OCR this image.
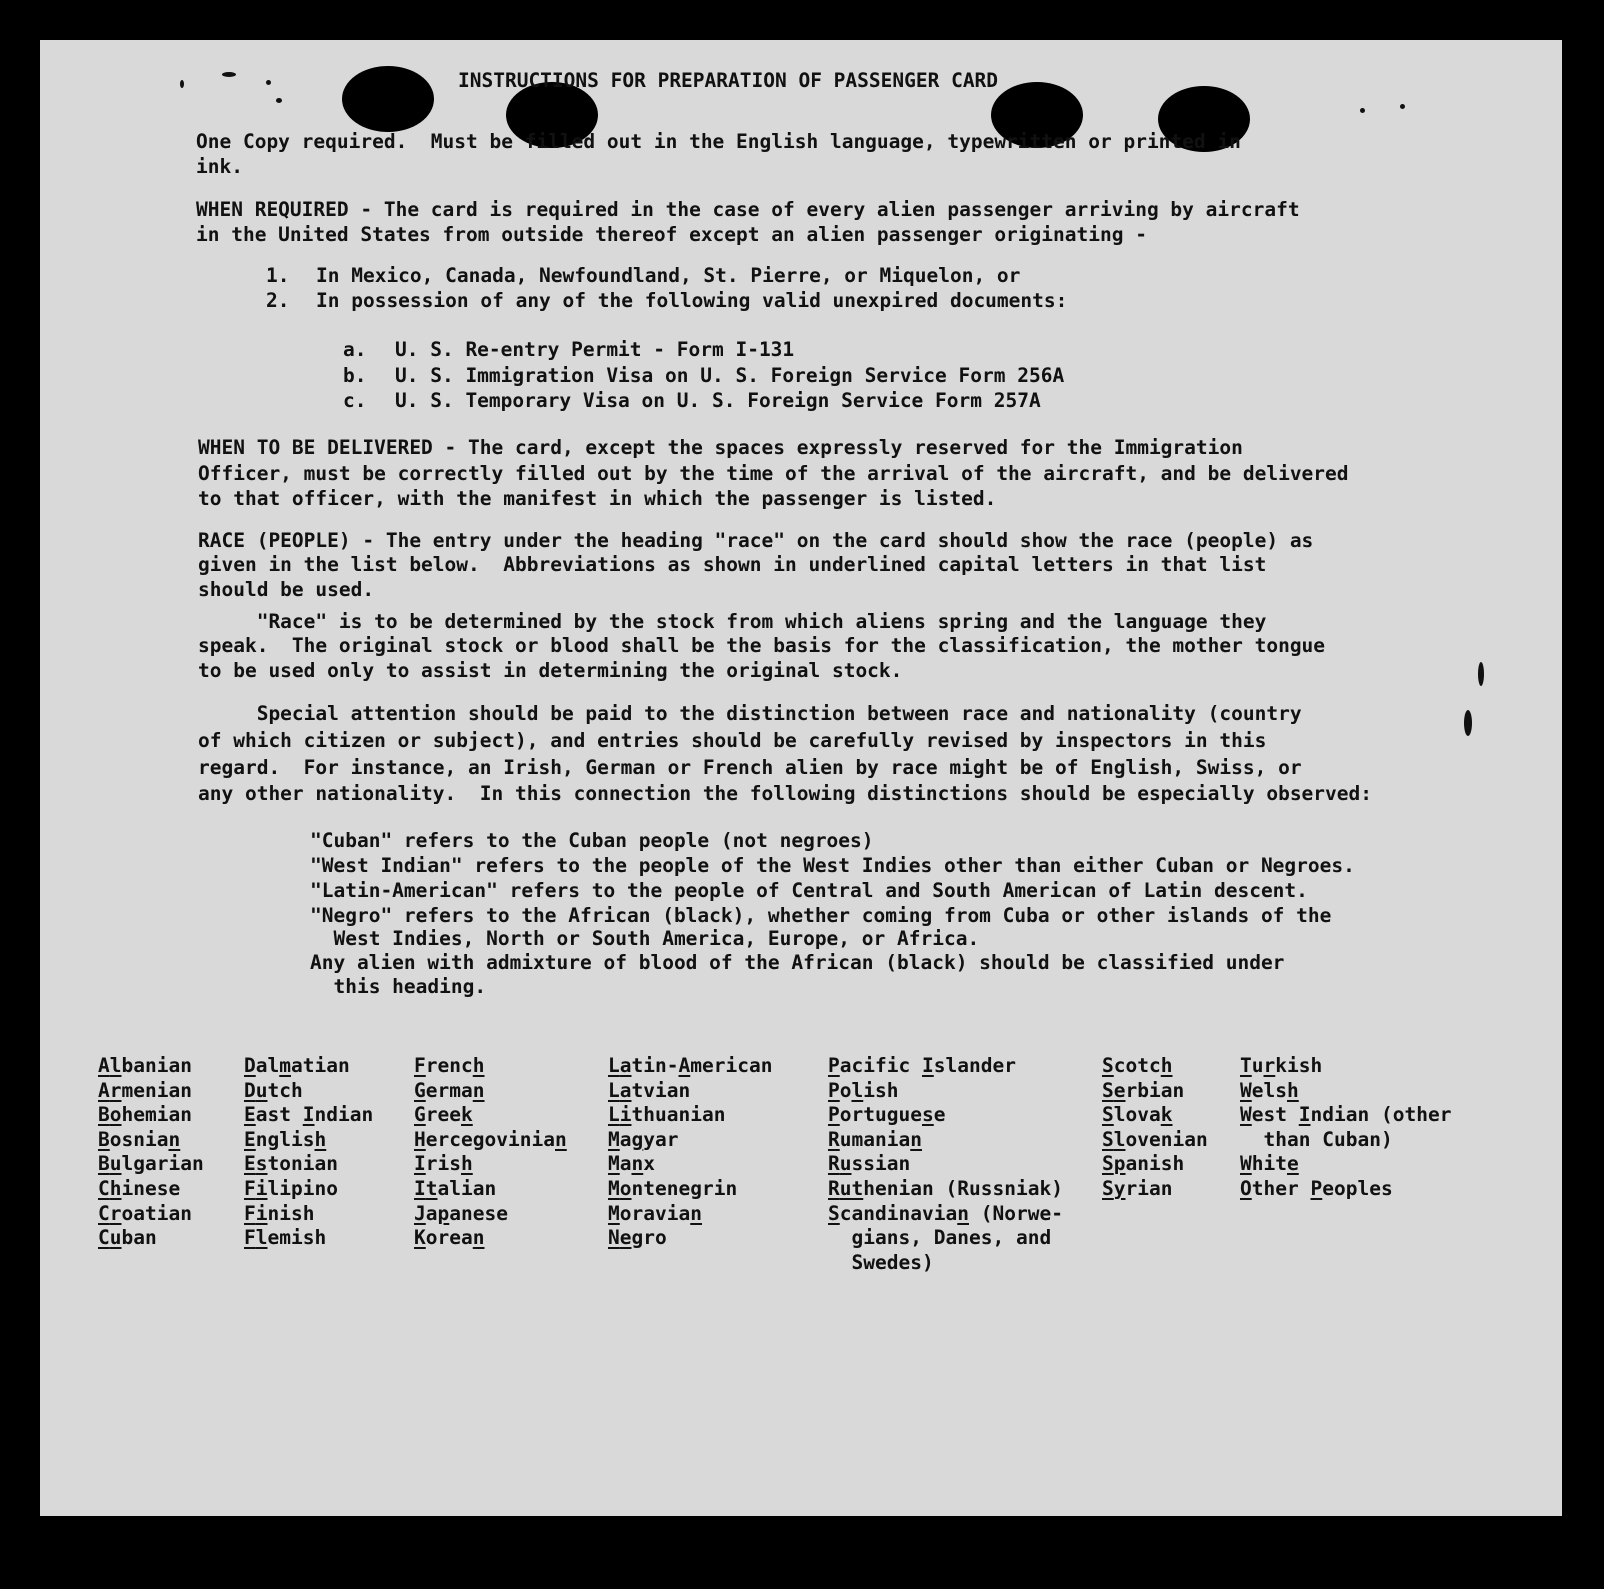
INSTRUCTIONS FOR PREPARATION OF PASSENGER CARD

One Copy required.  Must be filled out in the English language, typewritten or printed in

ink.

WHEN REQUIRED - The card is required in the case of every alien passenger arriving by aircraft

in the United States from outside thereof except an alien passenger originating -

1. In Mexico, Canada, Newfoundland, St. Pierre, or Miquelon, or

2. In possession of any of the following valid unexpired documents:

a. U. S. Re-entry Permit - Form I-131

b. U. S. Immigration Visa on U. S. Foreign Service Form 256A

c. U. S. Temporary Visa on U. S. Foreign Service Form 257A

WHEN TO BE DELIVERED - The card, except the spaces expressly reserved for the Immigration

Officer, must be correctly filled out by the time of the arrival of the aircraft, and be delivered

to that officer, with the manifest in which the passenger is listed.

RACE (PEOPLE) - The entry under the heading "race" on the card should show the race (people) as

given in the list below.  Abbreviations as shown in underlined capital letters in that list

should be used.

"Race" is to be determined by the stock from which aliens spring and the language they

speak.  The original stock or blood shall be the basis for the classification, the mother tongue

to be used only to assist in determining the original stock.

Special attention should be paid to the distinction between race and nationality (country

of which citizen or subject), and entries should be carefully revised by inspectors in this

regard.  For instance, an Irish, German or French alien by race might be of English, Swiss, or

any other nationality.  In this connection the following distinctions should be especially observed:

"Cuban" refers to the Cuban people (not negroes)

"West Indian" refers to the people of the West Indies other than either Cuban or Negroes.

"Latin-American" refers to the people of Central and South American of Latin descent.

"Negro" refers to the African (black), whether coming from Cuba or other islands of the

West Indies, North or South America, Europe, or Africa.

Any alien with admixture of blood of the African (black) should be classified under

this heading.

Albanian

Armenian

Bohemian

Bosnian

Bulgarian

Chinese

Croatian

Cuban

Dalmatian

Dutch

East Indian

English

Estonian

Filipino

Finish

Flemish

French

German

Greek

Hercegovinian

Irish

Italian

Japanese

Korean

Latin-American

Latvian

Lithuanian

Magyar

Manx

Montenegrin

Moravian

Negro

Pacific Islander

Polish

Portuguese

Rumanian

Russian

Ruthenian (Russniak)

Scandinavian (Norwe-

gians, Danes, and

Swedes)

Scotch

Serbian

Slovak

Slovenian

Spanish

Syrian

Turkish

Welsh

West Indian (other

than Cuban)

White

Other Peoples
